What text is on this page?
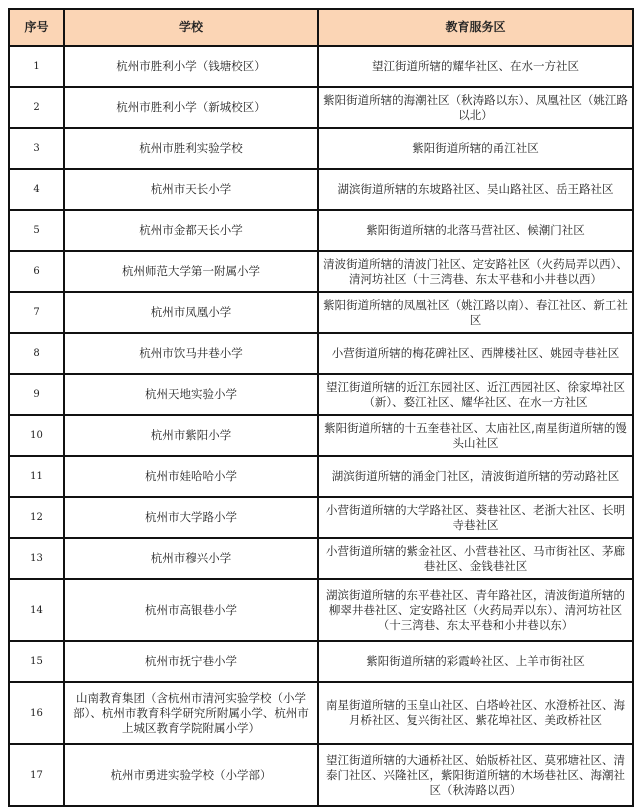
序号	学校	教育服务区
1	杭州市胜利小学（钱塘校区）	望江街道所辖的耀华社区、在水一方社区
2	杭州市胜利小学（新城校区）	紫阳街道所辖的海潮社区（秋涛路以东）、凤凰社区（姚江路以北）
3	杭州市胜利实验学校	紫阳街道所辖的甬江社区
4	杭州市天长小学	湖滨街道所辖的东坡路社区、吴山路社区、岳王路社区
5	杭州市金都天长小学	紫阳街道所辖的北落马营社区、候潮门社区
6	杭州师范大学第一附属小学	清波街道所辖的清波门社区、定安路社区（火药局弄以西）、清河坊社区（十三湾巷、东太平巷和小井巷以西）
7	杭州市凤凰小学	紫阳街道所辖的凤凰社区（姚江路以南）、春江社区、新工社区
8	杭州市饮马井巷小学	小营街道所辖的梅花碑社区、西牌楼社区、姚园寺巷社区
9	杭州天地实验小学	望江街道所辖的近江东园社区、近江西园社区、徐家埠社区（新）、婺江社区、耀华社区、在水一方社区
10	杭州市紫阳小学	紫阳街道所辖的十五奎巷社区、太庙社区,南星街道所辖的馒头山社区
11	杭州市娃哈哈小学	湖滨街道所辖的涌金门社区，清波街道所辖的劳动路社区
12	杭州市大学路小学	小营街道所辖的大学路社区、葵巷社区、老浙大社区、长明寺巷社区
13	杭州市穆兴小学	小营街道所辖的紫金社区、小营巷社区、马市街社区、茅廊巷社区、金钱巷社区
14	杭州市高银巷小学	湖滨街道所辖的东平巷社区、青年路社区，清波街道所辖的柳翠井巷社区、定安路社区（火药局弄以东）、清河坊社区（十三湾巷、东太平巷和小井巷以东）
15	杭州市抚宁巷小学	紫阳街道所辖的彩霞岭社区、上羊市街社区
16	山南教育集团（含杭州市清河实验学校（小学部）、杭州市教育科学研究所附属小学、杭州市上城区教育学院附属小学）	南星街道所辖的玉皇山社区、白塔岭社区、水澄桥社区、海月桥社区、复兴街社区、紫花埠社区、美政桥社区
17	杭州市勇进实验学校（小学部）	望江街道所辖的大通桥社区、始版桥社区、莫邪塘社区、清泰门社区、兴隆社区，紫阳街道所辖的木场巷社区、海潮社区（秋涛路以西）
